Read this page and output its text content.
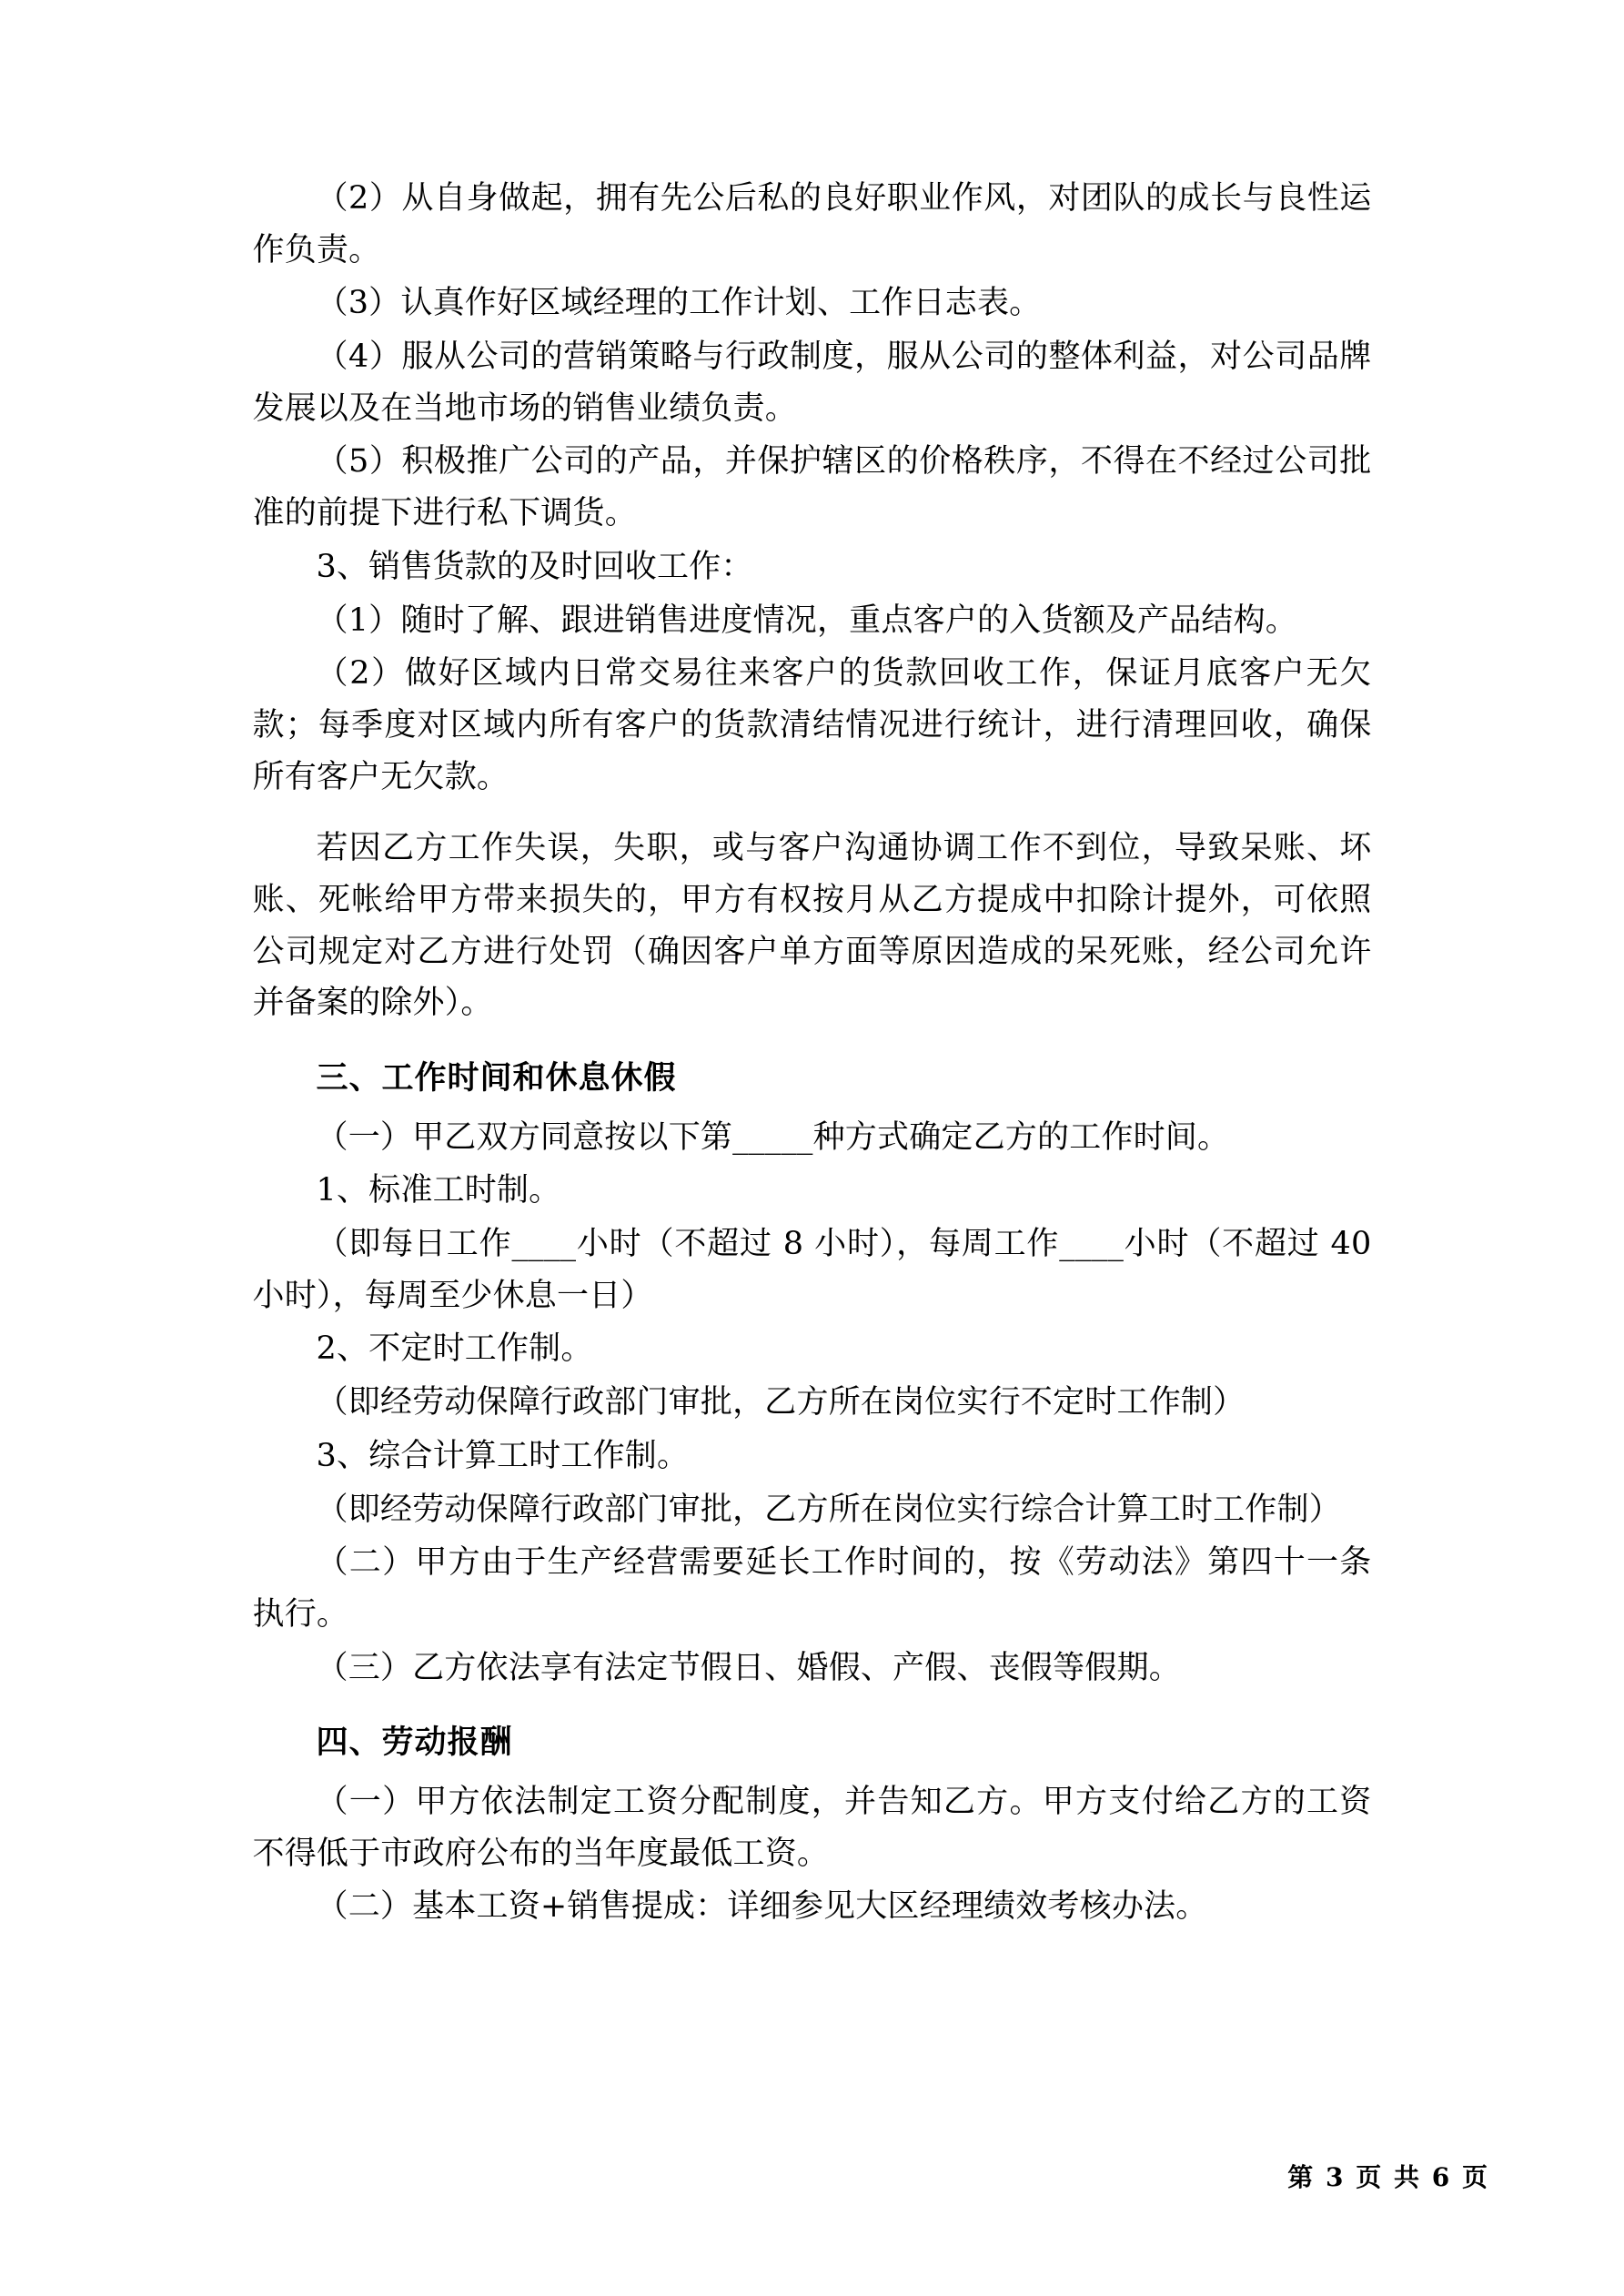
（2）从自身做起，拥有先公后私的良好职业作风，对团队的成长与良性运作负责。

（3）认真作好区域经理的工作计划、工作日志表。

（4）服从公司的营销策略与行政制度，服从公司的整体利益，对公司品牌发展以及在当地市场的销售业绩负责。

（5）积极推广公司的产品，并保护辖区的价格秩序，不得在不经过公司批准的前提下进行私下调货。

3、销售货款的及时回收工作：

（1）随时了解、跟进销售进度情况，重点客户的入货额及产品结构。

（2）做好区域内日常交易往来客户的货款回收工作，保证月底客户无欠款；每季度对区域内所有客户的货款清结情况进行统计，进行清理回收，确保所有客户无欠款。

若因乙方工作失误，失职，或与客户沟通协调工作不到位，导致呆账、坏账、死帐给甲方带来损失的，甲方有权按月从乙方提成中扣除计提外，可依照公司规定对乙方进行处罚（确因客户单方面等原因造成的呆死账，经公司允许并备案的除外）。

三、工作时间和休息休假

（一）甲乙双方同意按以下第_____种方式确定乙方的工作时间。

1、标准工时制。

（即每日工作____小时（不超过 8 小时），每周工作____小时（不超过 40 小时），每周至少休息一日）

2、不定时工作制。

（即经劳动保障行政部门审批，乙方所在岗位实行不定时工作制）

3、综合计算工时工作制。

（即经劳动保障行政部门审批，乙方所在岗位实行综合计算工时工作制）

（二）甲方由于生产经营需要延长工作时间的，按《劳动法》第四十一条执行。

（三）乙方依法享有法定节假日、婚假、产假、丧假等假期。

四、劳动报酬

（一）甲方依法制定工资分配制度，并告知乙方。甲方支付给乙方的工资不得低于市政府公布的当年度最低工资。

（二）基本工资+销售提成：详细参见大区经理绩效考核办法。

第 3 页 共 6 页
